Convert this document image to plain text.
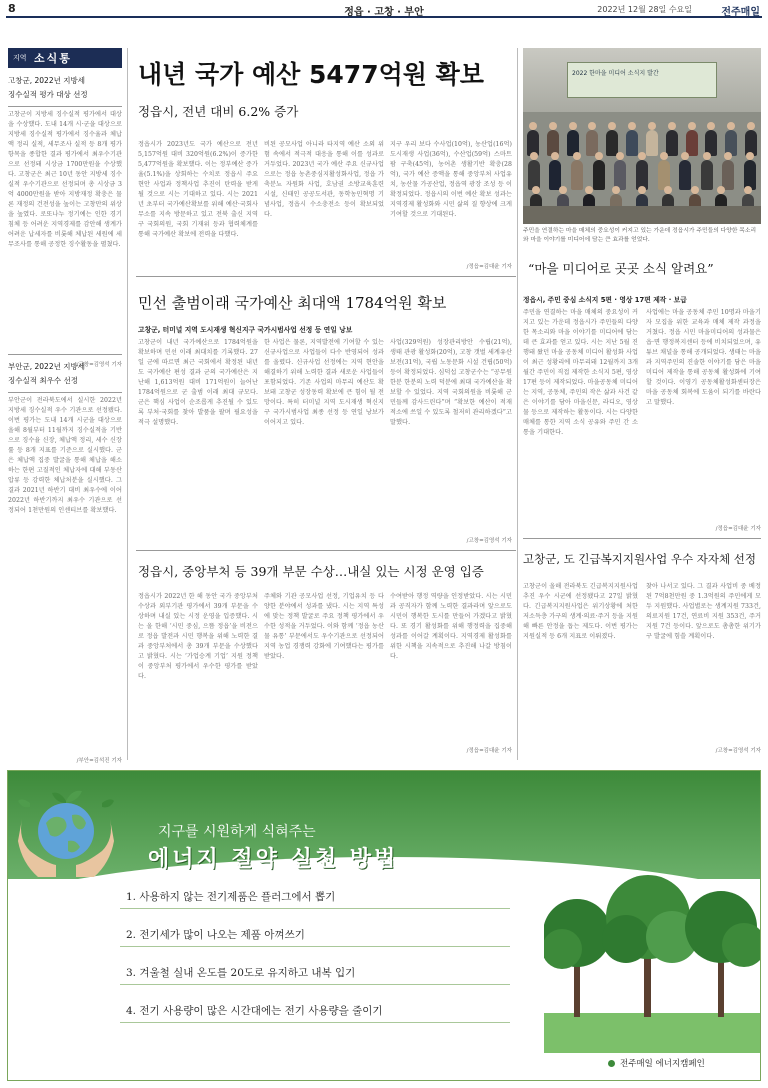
8	정읍 · 고창 · 부안	2022년 12월 28일 수요일	전주매일
지역 소식통
고창군, 2022년 지방세
징수실적 평가 대상 선정
고창군이 지방세 징수실적 평가에서 대상을 수상했다. 도내 14개 시·군을 대상으로 지방세 징수실적 평가에서 징수율과 체납액 정리 실적, 세무조사 실적 등 8개 평가 항목을 종합한 결과 평가에서 최우수기관으로 선정돼 시상금 1700만원을 수상했다. 고창군은 최근 10년 동안 지방세 징수실적 우수기관으로 선정되며 총 시상금 3억 4000만원을 받아 지방재정 확충은 물론 재정의 건전성을 높이는 고창만의 위상을 높였다. 로또나누 정기예는 인한 경기침체 등 어려운 지역경제를 감안해 생계가 어려운 납세자를 비롯해 체납된 세원에 세무조사를 통해 공정한 징수활동을 펼쳤다.
/고창=김영석 기자
부안군, 2022년 지방세
징수실적 최우수 선정
부안군이 전라북도에서 실시한 2022년 지방세 징수실적 우수 기관으로 선정됐다. 이번 평가는 도내 14개 시군을 대상으로 올해 8월부터 11월까지 징수실적을 기반으로 징수율 신장, 체납액 정리, 세수 신장률 등 8개 지표를 기준으로 실시했다. 군은 체납액 집중 발굴을 통해 체납을 해소하는 한편 고질적인 체납자에 대해 부동산 압류 등 강력한 체납처분을 실시했다. 그 결과 2021년 하반기 대비 최우수에 이어 2022년 하반기까지 최우수 기관으로 선정되어 1천만원의 인센티브를 확보했다.
/부안=김석진 기자
내년 국가 예산 5477억원 확보
정읍시, 전년 대비 6.2% 증가
정읍시가 2023년도 국가 예산으로 전년 5,157억원 대비 320억원(6.2%)이 증가한 5,477억원을 확보했다. 이는 정부예산 증가율(5.1%)을 상회하는 수치로 정읍시 주요 현안 사업과 정책사업 추진이 탄력을 받게 될 것으로 시는 기대하고 있다. 시는 2021년 초부터 국가예산확보를 위해 예산·국회사무소를 지속 방문하고 있고 전북 출신 지역구 국회의원, 국회 기재위 등과 협력체계를 통해 국가예산 확보에 전력을 다했다.
비된 공모사업 아니라 타지역 예산 소외 위험 속에서 적극적 대응을 통해 이를 성과로 거두었다. 2023년 국가 예산 주요 신규사업으로는 정읍 농촌중심지활성화사업, 정읍 가축분뇨 자원화 사업, 호남권 소방교육훈련 시설, 신태인 공공도서관, 동학농민혁명 기념사업, 정읍시 수소충전소 등이 확보되었다.
지구 우리 보다 수사업(10억), 농산업(16억) 도시재생 사업(36억), 수산업(59억) 스마트 팜 구축(45억), 농어촌 생활기반 확충(28억), 국가 예산 증액을 통해 중앙부처 사업유치, 농산물 가공산업, 정읍역 광장 조성 등 이 확정되었다. 정읍시의 이번 예산 확보 성과는 지역경제 활성화와 시민 삶의 질 향상에 크게 기여할 것으로 기대된다.
/정읍=김대윤 기자
2022 한마을 미디어 소식지 발간
주민을 연결하는 마을 매체의 중요성이 커지고 있는 가운데 정읍시가 주민들의 다양한 목소리와 마을 이야기를 미디어에 담는 큰 효과를 얻었다.
“마을 미디어로 곳곳 소식 알려요”
정읍시, 주민 중심 소식지 5편 · 영상 17편 제작 · 보급
주민을 연결하는 마을 매체의 중요성이 커지고 있는 가운데 정읍시가 주민들의 다양한 목소리와 마을 이야기를 미디어에 담는데 큰 효과를 얻고 있다. 시는 지난 5월 진행돼 왔던 마을 공동체 미디어 활성화 사업이 최근 성황리에 마무리돼 12월까지 3개월간 주민이 직접 제작한 소식지 5편, 영상 17편 등이 제작되었다. 마을공동체 미디어는 지역, 공동체, 주민의 작은 삶과 사건 같은 이야기를 담아 마을신문, 라디오, 영상물 등으로 제작하는 활동이다. 시는 다양한 매체를 통한 지역 소식 공유와 주민 간 소통을 기대한다.
사업에는 마을 공동체 주민 10명과 마을기자 모집을 위한 교육과 매체 제작 과정을 거쳤다. 정읍 시민 마을미디어의 성과물은 읍·면 행정복지센터 등에 비치되었으며, 유튜브 채널을 통해 공개되었다. 생태는 마을과 지역주민의 진솔한 이야기를 담은 마을 미디어 제작을 통해 공동체 활성화에 기여할 것이다. 이영기 공동체활성화센터장은 마을 공동체 회복에 도움이 되기를 바란다고 말했다.
/정읍=김대윤 기자
민선 출범이래 국가예산 최대액 1784억원 확보
고창군, 터미널 지역 도시재생 혁신지구 국가시범사업 선정 등 연일 낭보
고창군이 내년 국가예산으로 1784억원을 확보하며 민선 이래 최대치를 기록했다. 27일 군에 따르면 최근 국회에서 확정된 내년도 국가예산 편성 결과 군의 국가예산은 지난해 1,613억원 대비 171억원이 늘어난 1784억원으로 군 출범 이래 최대 규모다. 군은 핵심 사업이 순조롭게 추진될 수 있도록 부처·국회를 찾아 발품을 팔며 필요성을 적극 설명했다.
한 사업은 물론, 지역발전에 기여할 수 있는 신규사업으로 사업들이 다수 반영되어 성과를 올렸다. 신규사업 선정에는 지역 현안을 해결하기 위해 노력한 결과 새로운 사업들이 포함되었다. 기존 사업의 마무리 예산도 확보돼 고창군 성장동력 확보에 큰 힘이 될 전망이다. 특히 터미널 지역 도시재생 혁신지구 국가시범사업 최종 선정 등 연일 낭보가 이어지고 있다.
사업(329억원) 성장관리방안 수립(21억), 생태 관광 활성화(20억), 고창 갯벌 세계유산 보전(31억), 국립 노동문화 시설 건립(50억) 등이 확정되었다. 심덕섭 고창군수는 “공무원 한분 한분의 노력 덕분에 최대 국가예산을 확보할 수 있었다. 지역 국회의원을 비롯해 군민들께 감사드린다”며 “확보한 예산이 적재적소에 쓰일 수 있도록 철저히 관리하겠다”고 말했다.
/고창=김영석 기자
정읍시, 중앙부처 등 39개 부문 수상…내실 있는 시정 운영 입증
정읍시가 2022년 한 해 동안 국가 중앙부처 수상과 외부기관 평가에서 39개 부문을 수상하며 내실 있는 시정 운영을 입증했다. 시는 올 한해 ‘시민 중심, 으뜸 정읍’을 비전으로 정읍 발전과 시민 행복을 위해 노력한 결과 중앙부처에서 총 39개 부문을 수상했다고 밝혔다. 시는 ‘가업승계 기업’ 지원 정책이 중앙부처 평가에서 우수한 평가를 받았다.
주체와 기관 공모사업 선정, 기업유치 등 다양한 분야에서 성과를 냈다. 시는 지역 특성에 맞는 정책 발굴로 주요 정책 평가에서 우수한 성적을 거두었다. 이와 함께 ‘정읍 농산물 유통’ 부문에서도 우수기관으로 선정되어 지역 농업 경쟁력 강화에 기여했다는 평가를 받았다.
수여받아 행정 역량을 인정받았다. 시는 시민과 공직자가 함께 노력한 결과라며 앞으로도 시민이 행복한 도시를 만들어 가겠다고 밝혔다. 또 경기 활성화를 위해 행정력을 집중해 성과를 이어갈 계획이다. 지역경제 활성화를 위한 시책을 지속적으로 추진해 나갈 방침이다.
/정읍=김대윤 기자
고창군, 도 긴급복지지원사업 우수 자자체 선정
고창군이 올해 전라북도 긴급복지지원사업 추진 우수 시군에 선정됐다고 27일 밝혔다. 긴급복지지원사업은 위기상황에 처한 저소득층 가구의 생계·의료·주거 등을 지원해 빠른 안정을 돕는 제도다. 이번 평가는 지원실적 등 6개 지표로 이뤄졌다.
찾아 나서고 있다. 그 결과 사업비 중 베정된 7억8천만원 중 1.3억원의 주민에게 모두 지원했다. 사업별로는 생계지원 733건, 의료지원 17건, 연료비 지원 353건, 주거지원 7건 등이다. 앞으로도 촘촘한 위기가구 발굴에 힘쓸 계획이다.
/고창=김영석 기자
지구를 시원하게 식혀주는
에너지 절약 실천 방법
1. 사용하지 않는 전기제품은 플러그에서 뽑기
2. 전기세가 많이 나오는 제품 아껴쓰기
3. 겨울철 실내 온도를 20도로 유지하고 내복 입기
4. 전기 사용량이 많은 시간대에는 전기 사용량을 줄이기
전주매일 에너지캠페인
